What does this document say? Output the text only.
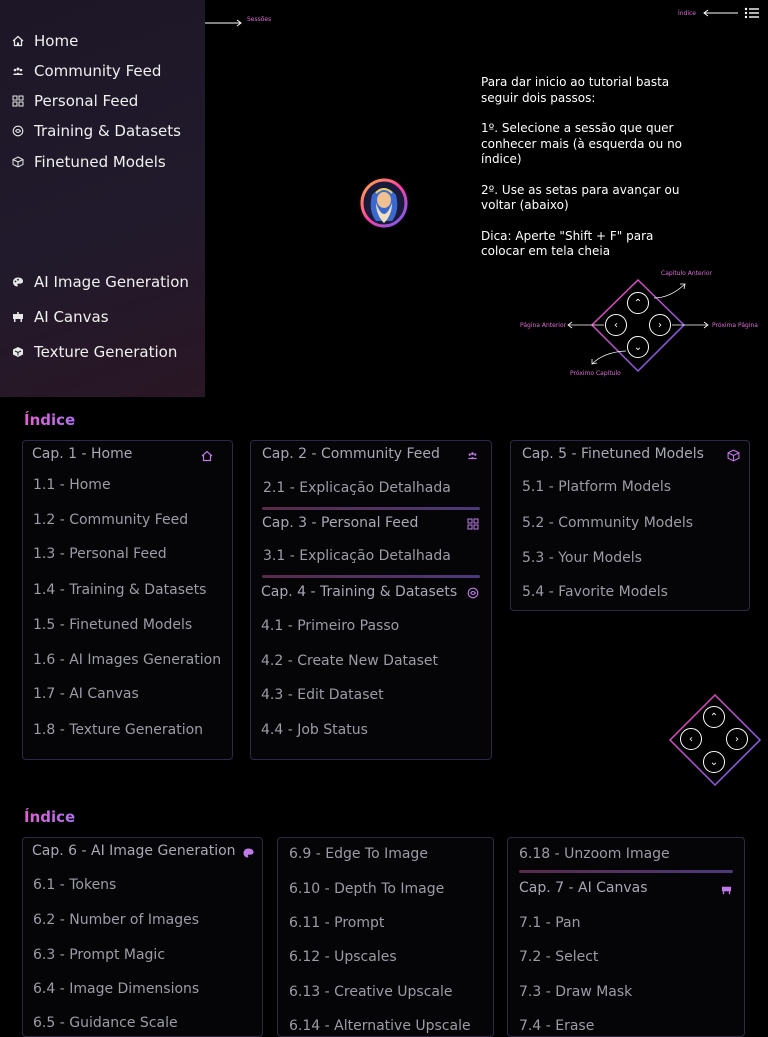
Home
Community Feed
Personal Feed
Training & Datasets
Finetuned Models
AI Image Generation
AI Canvas
Texture Generation
Sessões
Índice

Para dar inicio ao tutorial basta seguir dois passos:

1º. Selecione a sessão que quer conhecer mais (à esquerda ou no índice)

2º. Use as setas para avançar ou voltar (abaixo)

Dica: Aperte "Shift + F" para colocar em tela cheia

Capítulo Anterior
Página Anterior	Próxima Página
Próximo Capítulo
⌃
‹	›
⌄
Índice
Cap. 1 - Home
1.1 - Home
1.2 - Community Feed
1.3 - Personal Feed
1.4 - Training & Datasets
1.5 - Finetuned Models
1.6 - AI Images Generation
1.7 - AI Canvas
1.8 - Texture Generation
Cap. 2 - Community Feed
2.1 - Explicação Detalhada
Cap. 3 - Personal Feed
3.1 - Explicação Detalhada
Cap. 4 - Training & Datasets
4.1 - Primeiro Passo
4.2 - Create New Dataset
4.3 - Edit Dataset
4.4 - Job Status
Cap. 5 - Finetuned Models
5.1 - Platform Models
5.2 - Community Models
5.3 - Your Models
5.4 - Favorite Models
⌃
‹	›
⌄
Índice
Cap. 6 - AI Image Generation
6.1 - Tokens
6.2 - Number of Images
6.3 - Prompt Magic
6.4 - Image Dimensions
6.5 - Guidance Scale
6.9 - Edge To Image
6.10 - Depth To Image
6.11 - Prompt
6.12 - Upscales
6.13 - Creative Upscale
6.14 - Alternative Upscale
6.18 - Unzoom Image
Cap. 7 - AI Canvas
7.1 - Pan
7.2 - Select
7.3 - Draw Mask
7.4 - Erase
